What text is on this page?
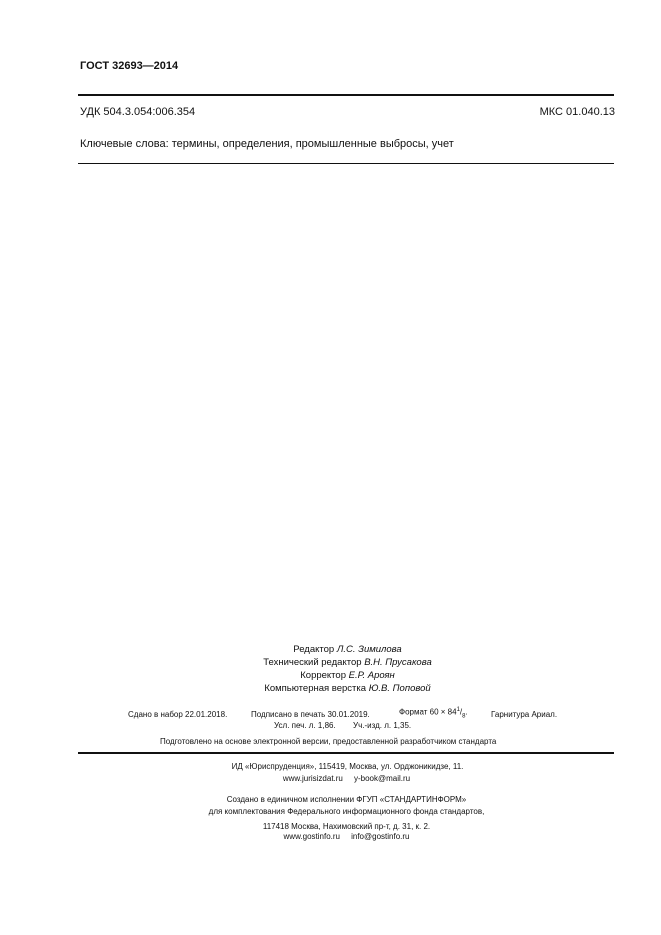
ГОСТ 32693—2014
УДК 504.3.054:006.354	МКС 01.040.13
Ключевые слова: термины, определения, промышленные выбросы, учет
Редактор Л.С. Зимилова
Технический редактор В.Н. Прусакова
Корректор Е.Р. Ароян
Компьютерная верстка Ю.В. Поповой
Сдано в набор 22.01.2018.	Подписано в печать 30.01.2019.	Формат $60 \times 84^1/_8$.	Гарнитура Ариал.
Усл. печ. л. 1,86. Уч.-изд. л. 1,35.
Подготовлено на основе электронной версии, предоставленной разработчиком стандарта
ИД «Юриспруденция», 115419, Москва, ул. Орджоникидзе, 11.
www.jurisizdat.ru     y-book@mail.ru
Создано в единичном исполнении ФГУП «СТАНДАРТИНФОРМ»
для комплектования Федерального информационного фонда стандартов,
117418 Москва, Нахимовский пр-т, д. 31, к. 2.
www.gostinfo.ru     info@gostinfo.ru
